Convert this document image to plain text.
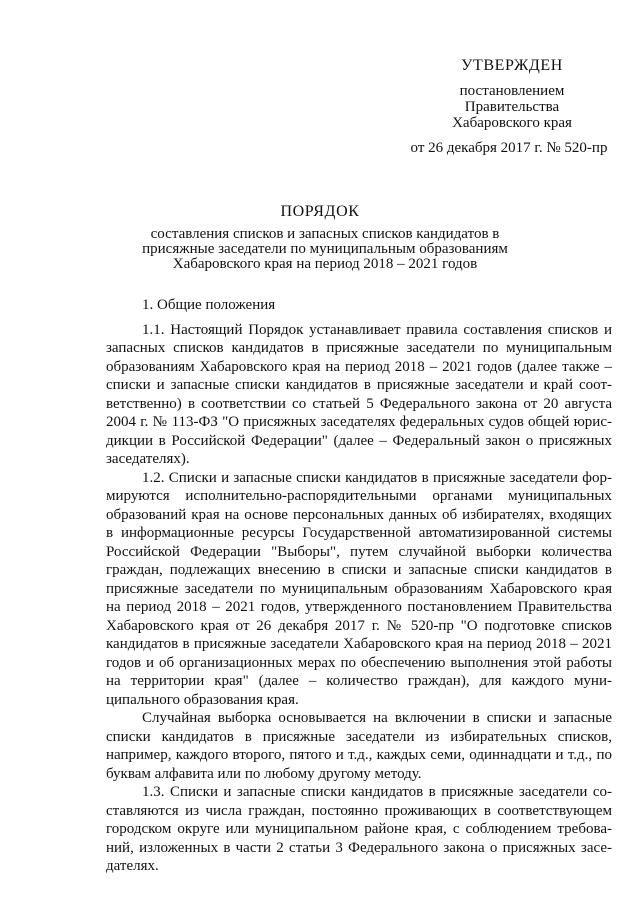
УТВЕРЖДЕН
постановлением
Правительства
Хабаровского края
от 26 декабря 2017 г. № 520-пр
ПОРЯДОК
составления списков и запасных списков кандидатов в присяжные заседатели по муниципальным образованиям Хабаровского края на период 2018 – 2021 годов

1. Общие положения

1.1. Настоящий Порядок устанавливает правила составления списков и запасных списков кандидатов в присяжные заседатели по муниципальным образованиям Хабаровского края на период 2018 – 2021 годов (далее также – списки и запасные списки кандидатов в присяжные заседатели и край соответственно) в соответствии со статьей 5 Федерального закона от 20 августа 2004 г. № 113-ФЗ "О присяжных заседателях федеральных судов общей юрисдикции в Российской Федерации" (далее – Федеральный закон о присяжных заседателях).

1.2. Списки и запасные списки кандидатов в присяжные заседатели формируются исполнительно-распорядительными органами муниципальных образований края на основе персональных данных об избирателях, входящих в информационные ресурсы Государственной автоматизированной системы Российской Федерации "Выборы", путем случайной выборки количества граждан, подлежащих внесению в списки и запасные списки кандидатов в присяжные заседатели по муниципальным образованиям Хабаровского края на период 2018 – 2021 годов, утвержденного постановлением Правительства Хабаровского края от 26 декабря 2017 г. № 520-пр "О подготовке списков кандидатов в присяжные заседатели Хабаровского края на период 2018 – 2021 годов и об организационных мерах по обеспечению выполнения этой работы на территории края" (далее – количество граждан), для каждого муниципального образования края.

Случайная выборка основывается на включении в списки и запасные списки кандидатов в присяжные заседатели из избирательных списков, например, каждого второго, пятого и т.д., каждых семи, одиннадцати и т.д., по буквам алфавита или по любому другому методу.

1.3. Списки и запасные списки кандидатов в присяжные заседатели составляются из числа граждан, постоянно проживающих в соответствующем городском округе или муниципальном районе края, с соблюдением требований, изложенных в части 2 статьи 3 Федерального закона о присяжных заседателях.
